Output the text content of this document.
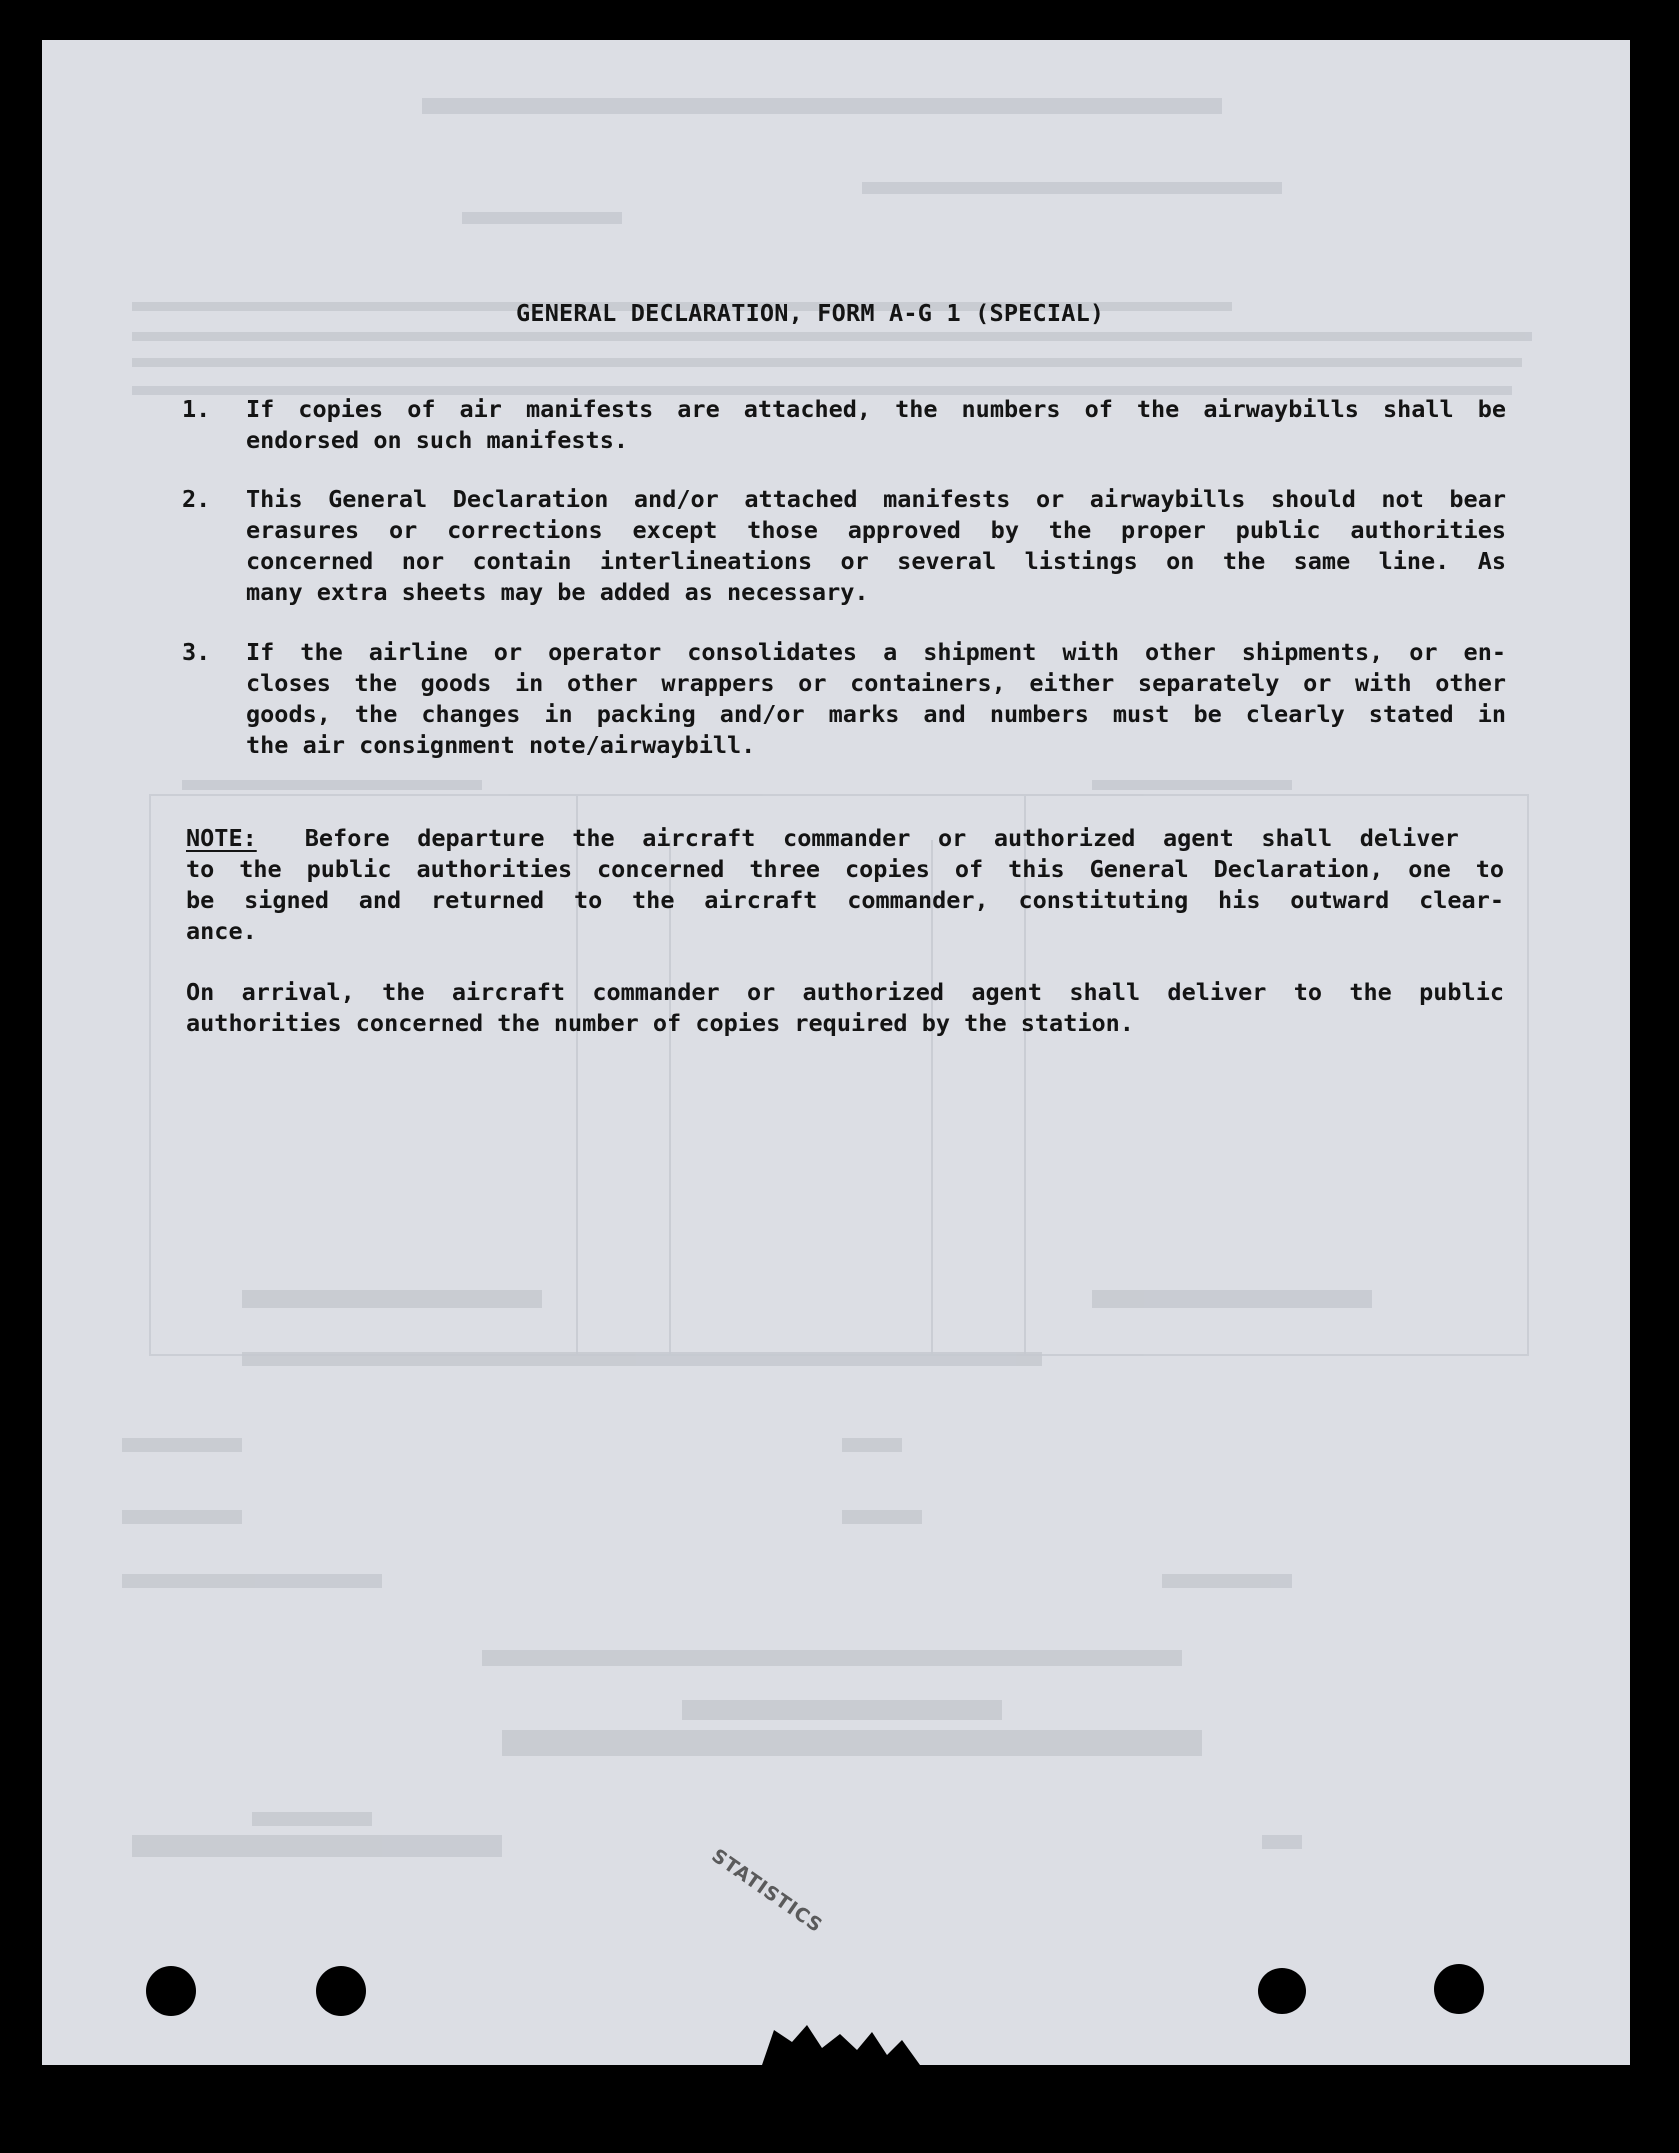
GENERAL DECLARATION, FORM A-G 1 (SPECIAL)
1.	If copies of air manifests are attached, the numbers of the airwaybills shall be
endorsed on such manifests.
2.	This General Declaration and/or attached manifests or airwaybills should not bear
erasures or corrections except those approved by the proper public authorities
concerned nor contain interlineations or several listings on the same line. As
many extra sheets may be added as necessary.
3.	If the airline or operator consolidates a shipment with other shipments, or en-
closes the goods in other wrappers or containers, either separately or with other
goods, the changes in packing and/or marks and numbers must be clearly stated in
the air consignment note/airwaybill.
NOTE: Before departure the aircraft commander or authorized agent shall deliver
to the public authorities concerned three copies of this General Declaration, one to
be signed and returned to the aircraft commander, constituting his outward clear-
ance.
On arrival, the aircraft commander or authorized agent shall deliver to the public
authorities concerned the number of copies required by the station.
STATISTICS
